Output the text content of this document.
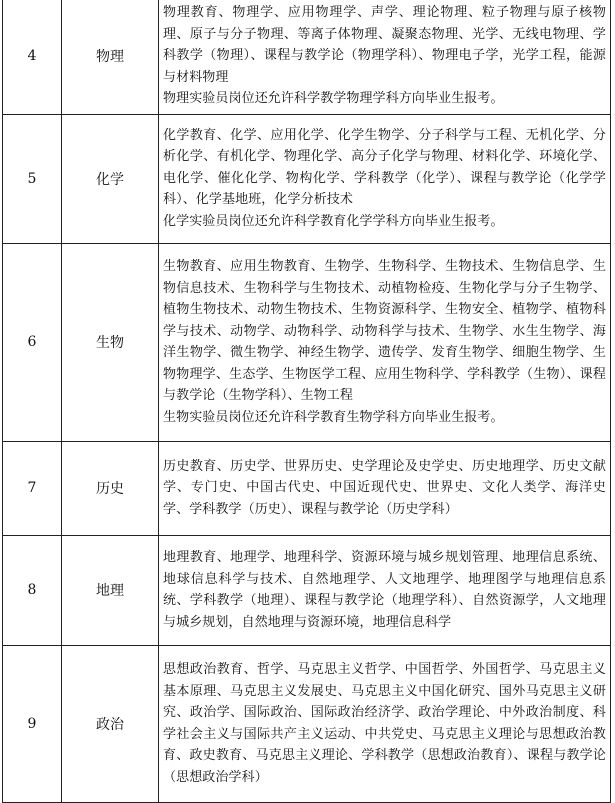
4	物理	物理教育、物理学、应用物理学、声学、理论物理、粒子物理与原子核物理、原子与分子物理、等离子体物理、凝聚态物理、光学、无线电物理、学科教学（物理）、课程与教学论（物理学科）、物理电子学，光学工程，能源与材料物理
物理实验员岗位还允许科学教学物理学科方向毕业生报考。

5	化学	化学教育、化学、应用化学、化学生物学、分子科学与工程、无机化学、分析化学、有机化学、物理化学、高分子化学与物理、材料化学、环境化学、电化学、催化化学、物构化学、学科教学（化学）、课程与教学论（化学学科）、化学基地班，化学分析技术
化学实验员岗位还允许科学教育化学学科方向毕业生报考。

6	生物	生物教育、应用生物教育、生物学、生物科学、生物技术、生物信息学、生物信息技术、生物科学与生物技术、动植物检疫、生物化学与分子生物学、植物生物技术、动物生物技术、生物资源科学、生物安全、植物学、植物科学与技术、动物学、动物科学、动物科学与技术、生物学、水生生物学、海洋生物学、微生物学、神经生物学、遗传学、发育生物学、细胞生物学、生物物理学、生态学、生物医学工程、应用生物科学、学科教学（生物）、课程与教学论（生物学科）、生物工程
生物实验员岗位还允许科学教育生物学科方向毕业生报考。

7	历史	历史教育、历史学、世界历史、史学理论及史学史、历史地理学、历史文献学、专门史、中国古代史、中国近现代史、世界史、文化人类学、海洋史学、学科教学（历史）、课程与教学论（历史学科）
8	地理	地理教育、地理学、地理科学、资源环境与城乡规划管理、地理信息系统、地球信息科学与技术、自然地理学、人文地理学、地理图学与地理信息系统、学科教学（地理）、课程与教学论（地理学科）、自然资源学，人文地理与城乡规划，自然地理与资源环境，地理信息科学
9	政治	思想政治教育、哲学、马克思主义哲学、中国哲学、外国哲学、马克思主义基本原理、马克思主义发展史、马克思主义中国化研究、国外马克思主义研究、政治学、国际政治、国际政治经济学、政治学理论、中外政治制度、科学社会主义与国际共产主义运动、中共党史、马克思主义理论与思想政治教育、政史教育、马克思主义理论、学科教学（思想政治教育）、课程与教学论（思想政治学科）
